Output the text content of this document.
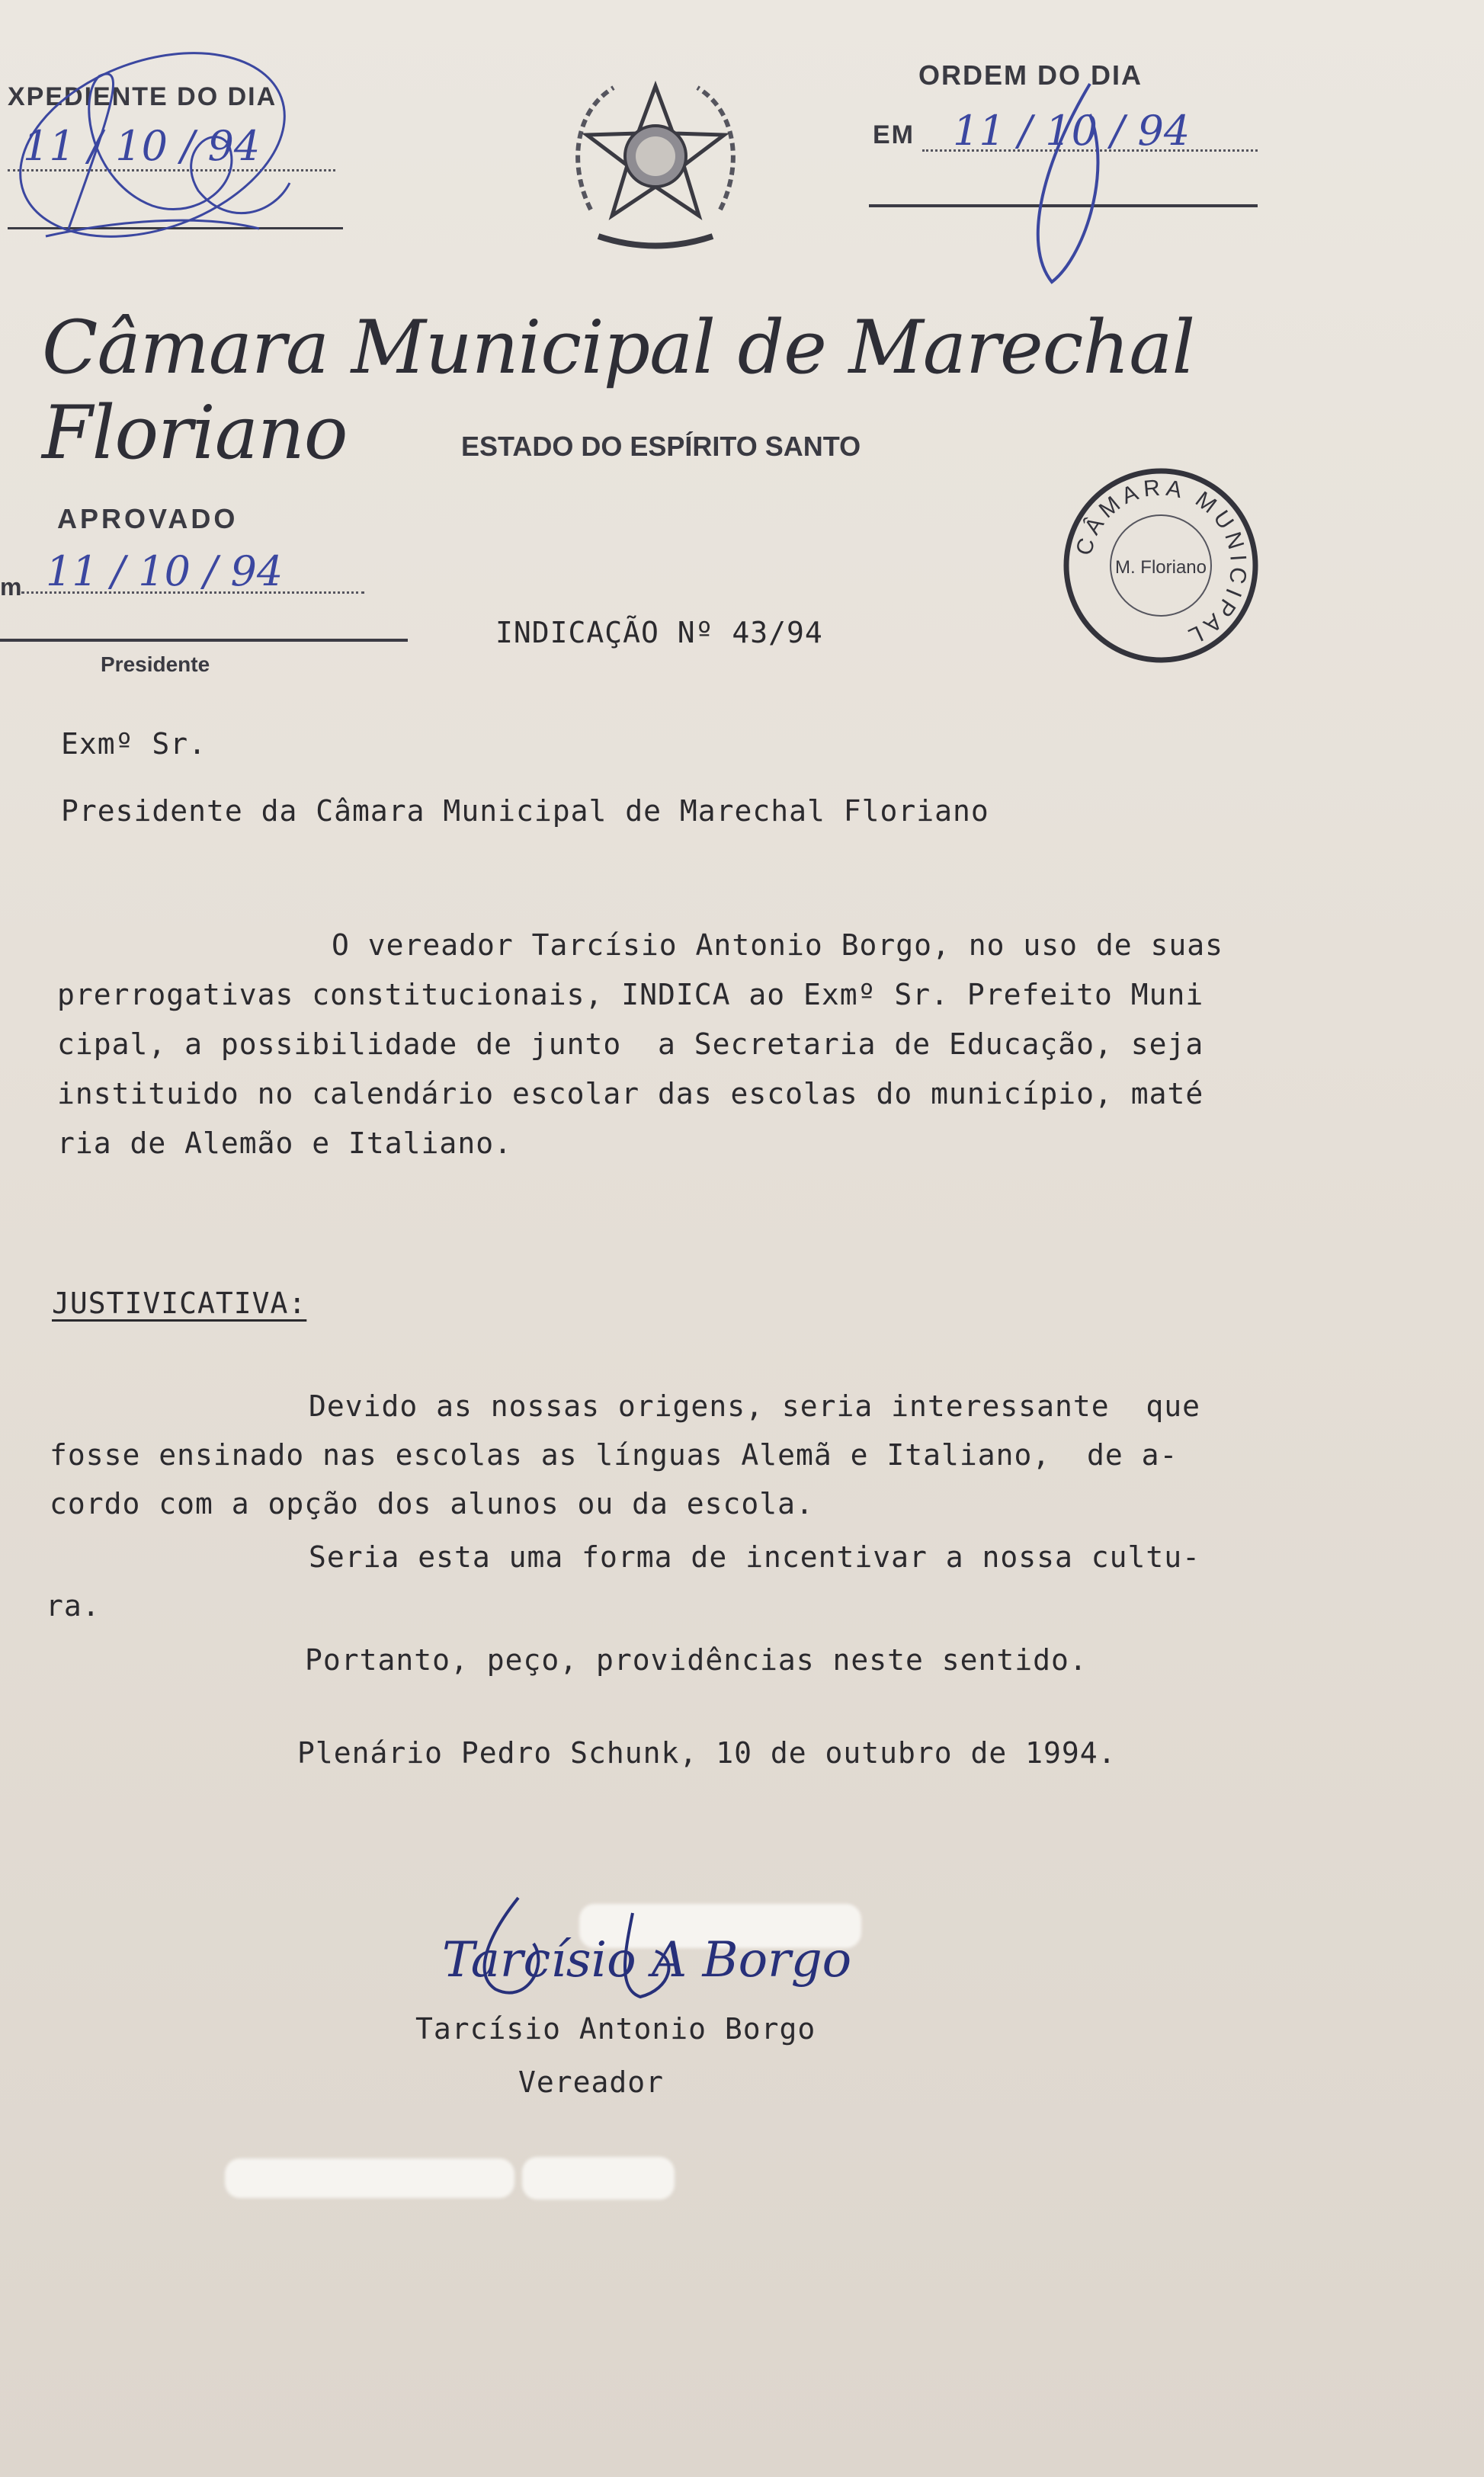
XPEDIENTE DO DIA
11 / 10 / 94
ORDEM DO DIA
EM 11 / 10 / 94
Câmara Municipal de Marechal Floriano	ESTADO DO ESPÍRITO SANTO
APROVADO
m 11 / 10 / 94
Presidente
CÂMARA MUNICIPAL
M. Floriano
INDICAÇÃO Nº 43/94
Exmº Sr.
Presidente da Câmara Municipal de Marechal Floriano
O vereador Tarcísio Antonio Borgo, no uso de suas
prerrogativas constitucionais, INDICA ao Exmº Sr. Prefeito Muni
cipal, a possibilidade de junto  a Secretaria de Educação, seja
instituido no calendário escolar das escolas do município, maté
ria de Alemão e Italiano.
JUSTIVICATIVA:
Devido as nossas origens, seria interessante  que
fosse ensinado nas escolas as línguas Alemã e Italiano,  de a-
cordo com a opção dos alunos ou da escola.
Seria esta uma forma de incentivar a nossa cultu-
ra.
Portanto, peço, providências neste sentido.
Plenário Pedro Schunk, 10 de outubro de 1994.
Tarcísio A Borgo
Tarcísio Antonio Borgo
Vereador
